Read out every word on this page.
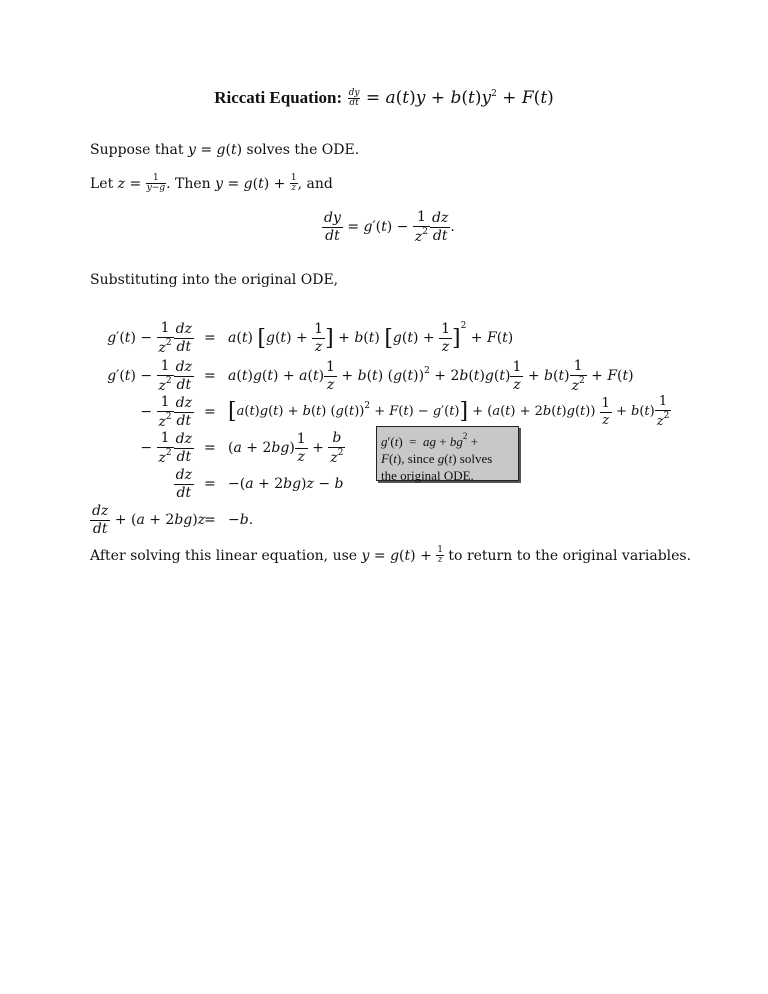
Riccati Equation: $\frac{dy}{dt} = a(t)y + b(t)y^2 + F(t)$
Suppose that y = g(t) solves the ODE.
Let $z = \frac{1}{y-g}$ . Then $y = g(t) + \frac{1}{z}$ , and
$\frac{dy}{dt} = g'(t) - \frac{1}{z^2} \frac{dz}{dt}$ .
Substituting into the original ODE,
$g'(t) - \frac{1}{z^2} \frac{dz}{dt} = a(t) [g(t) + \frac{1}{z}$ ] + b(t) $[g(t) + \frac{1}{z} ]^2 + F(t)$
$g'(t) - \frac{1}{z^2} \frac{dz}{dt} = a(t)g(t) + a(t) \frac{1}{z} + b(t) (g(t))^2 + 2b(t)g(t) \frac{1}{z} + b(t) \frac{1}{z^2} + F(t)$
− $\frac{1}{z^2} \frac{dz}{dt} = [a(t)g(t) + b(t) (g(t))^2 + F(t) - g'(t)] + (a(t) + 2b(t)g(t)) \frac{1}{z} + b(t) \frac{1}{z^2}$
− $\frac{1}{z^2} \frac{dz}{dt} = (a + 2bg) \frac{1}{z} + \frac{b}{z^2}$
$\frac{dz}{dt} = -(a + 2bg)z - b$
$\frac{dz}{dt} + (a + 2bg)z$
= −b.
g′(t)  =  ag + $bg^2$ +
F(t), since g(t) solves
the original ODE.
After solving this linear equation, use $y = g(t) + \frac{1}{z}$ to return to the original variables.
